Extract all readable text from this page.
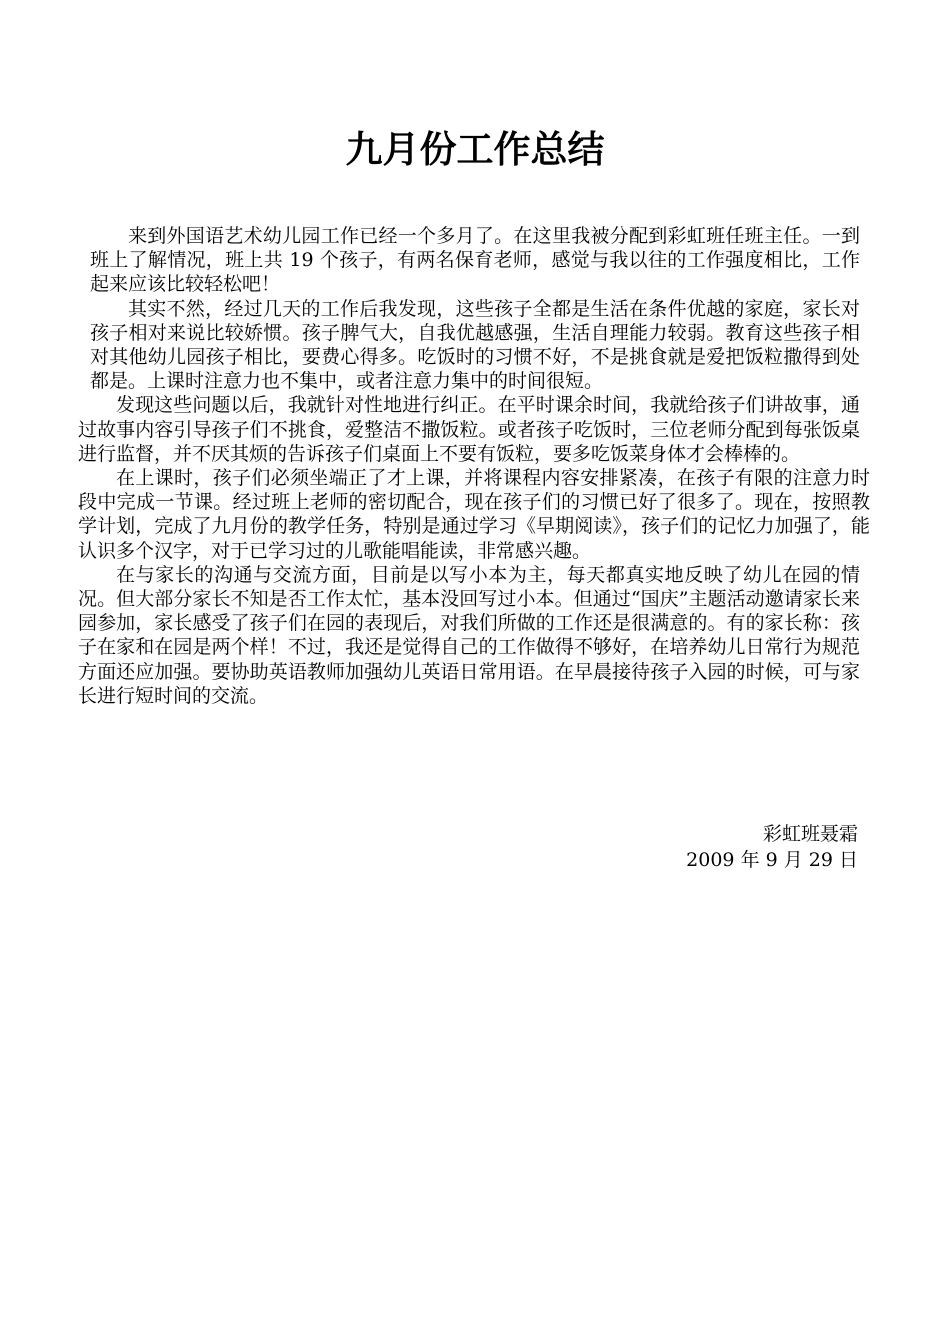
九月份工作总结

来到外国语艺术幼儿园工作已经一个多月了。在这里我被分配到彩虹班任班主任。一到班上了解情况，班上共 19 个孩子，有两名保育老师，感觉与我以往的工作强度相比，工作起来应该比较轻松吧！

其实不然，经过几天的工作后我发现，这些孩子全都是生活在条件优越的家庭，家长对孩子相对来说比较娇惯。孩子脾气大，自我优越感强，生活自理能力较弱。教育这些孩子相对其他幼儿园孩子相比，要费心得多。吃饭时的习惯不好，不是挑食就是爱把饭粒撒得到处都是。上课时注意力也不集中，或者注意力集中的时间很短。

发现这些问题以后，我就针对性地进行纠正。在平时课余时间，我就给孩子们讲故事，通过故事内容引导孩子们不挑食，爱整洁不撒饭粒。或者孩子吃饭时，三位老师分配到每张饭桌进行监督，并不厌其烦的告诉孩子们桌面上不要有饭粒，要多吃饭菜身体才会棒棒的。

在上课时，孩子们必须坐端正了才上课，并将课程内容安排紧凑，在孩子有限的注意力时段中完成一节课。经过班上老师的密切配合，现在孩子们的习惯已好了很多了。现在，按照教学计划，完成了九月份的教学任务，特别是通过学习《早期阅读》，孩子们的记忆力加强了，能认识多个汉字，对于已学习过的儿歌能唱能读，非常感兴趣。

在与家长的沟通与交流方面，目前是以写小本为主，每天都真实地反映了幼儿在园的情况。但大部分家长不知是否工作太忙，基本没回写过小本。但通过“国庆”主题活动邀请家长来园参加，家长感受了孩子们在园的表现后，对我们所做的工作还是很满意的。有的家长称：孩子在家和在园是两个样！不过，我还是觉得自己的工作做得不够好，在培养幼儿日常行为规范方面还应加强。要协助英语教师加强幼儿英语日常用语。在早晨接待孩子入园的时候，可与家长进行短时间的交流。

彩虹班聂霜
2009 年 9 月 29 日
